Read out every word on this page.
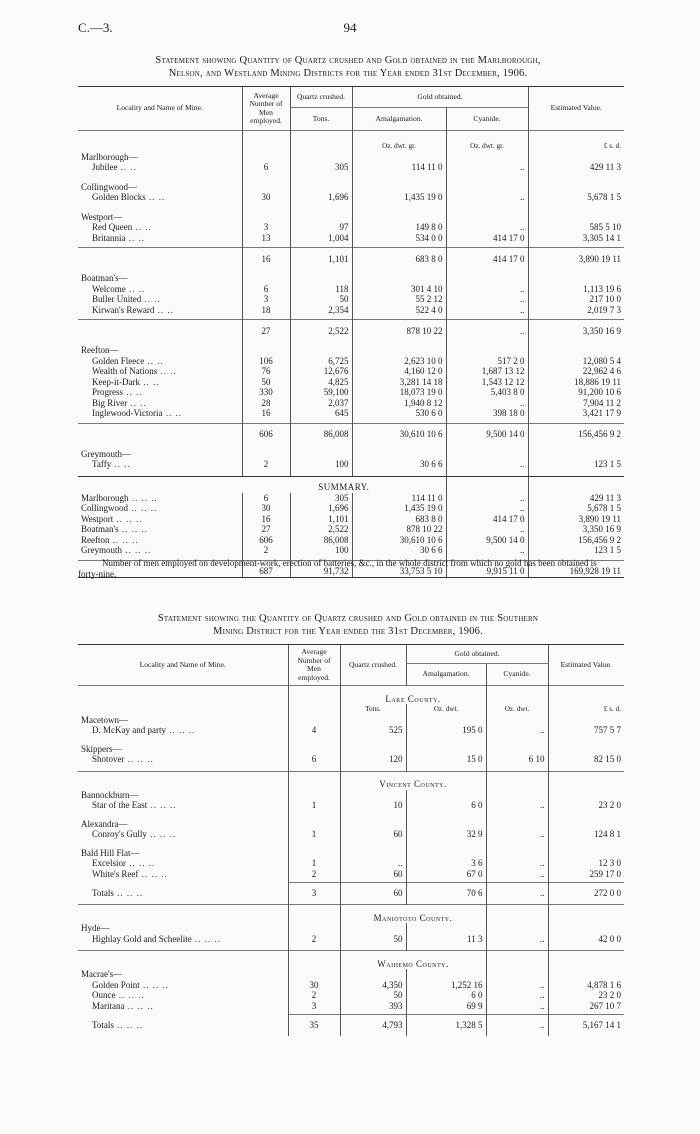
C.—3.	94
Statement showing Quantity of Quartz crushed and Gold obtained in the Marlborough,
Nelson, and Westland Mining Districts for the Year ended 31st December, 1906.
Locality and Name of Mine.	Average Number of Men employed.	Quartz crushed.	Gold obtained.		Estimated Value.
		Tons.	Amalgamation.	Cyanide.	

			Oz. dwt. gr.	Oz. dwt. gr.	£ s. d.
Marlborough—					
Jubilee .. ..	6	305	114 11 0	..	429 11 3

Collingwood—					
Golden Blocks .. ..	30	1,696	1,435 19 0	..	5,678 1 5

Westport—					
Red Queen .. ..	3	97	149 8 0	..	585 5 10
Britannia .. ..	13	1,004	534 0 0	414 17 0	3,305 14 1

	16	1,101	683 8 0	414 17 0	3,890 19 11

Boatman's—					
Welcome .. ..	6	118	301 4 10	..	1,113 19 6
Buller United .. ..	3	50	55 2 12	..	217 10 0
Kirwan's Reward .. ..	18	2,354	522 4 0	..	2,019 7 3

	27	2,522	878 10 22	..	3,350 16 9

Reefton—					
Golden Fleece .. ..	106	6,725	2,623 10 0	517 2 0	12,080 5 4
Wealth of Nations .. ..	76	12,676	4,160 12 0	1,687 13 12	22,962 4 6
Keep-it-Dark .. ..	50	4,825	3,281 14 18	1,543 12 12	18,886 19 11
Progress .. ..	330	59,100	18,073 19 0	5,403 8 0	91,200 10 6
Big River .. ..	28	2,037	1,940 8 12	..	7,904 11 2
Inglewood-Victoria .. ..	16	645	530 6 0	398 18 0	3,421 17 9

	606	86,008	30,610 10 6	9,500 14 0	156,456 9 2

Greymouth—					
Taffy .. ..	2	100	30 6 6	..	123 1 5

	SUMMARY.				
Marlborough .. .. ..	6	305	114 11 0	..	429 11 3
Collingwood .. .. ..	30	1,696	1,435 19 0	..	5,678 1 5
Westport .. .. ..	16	1,101	683 8 0	414 17 0	3,890 19 11
Boatman's .. .. ..	27	2,522	878 10 22	..	3,350 16 9
Reefton .. .. ..	606	86,008	30,610 10 6	9,500 14 0	156,456 9 2
Greymouth .. .. ..	2	100	30 6 6	..	123 1 5

	687	91,732	33,753 5 10	9,915 11 0	169,928 19 11
Number of men employed on development-work, erection of batteries, &c., in the whole district from which no gold has been obtained is forty-nine.
Statement showing the Quantity of Quartz crushed and Gold obtained in the Southern
Mining District for the Year ended the 31st December, 1906.
Locality and Name of Mine.	Average Number of Men employed.	Quartz crushed.	Gold obtained.		Estimated Value.
			Amalgamation.	Cyanide.	
		Lake County.			
		Tons.	Oz. dwt.	Oz. dwt.	£ s. d.
Macetown—					
D. McKay and party .. .. ..	4	525	195 0	..	757 5 7

Skippers—					
Shotover .. .. ..	6	120	15 0	6 10	82 15 0

		Vincent County.			
Bannockburn—					
Star of the East .. .. ..	1	10	6 0	..	23 2 0

Alexandra—					
Conroy's Gully .. .. ..	1	60	32 9	..	124 8 1

Bald Hill Flat—					
Excelsior .. .. ..	1	..	3 6	..	12 3 0
White's Reef .. .. ..	2	60	67 0	..	259 17 0

Totals .. .. ..	3	60	70 6	..	272 0 0

		Maniototo County.			
Hyde—					
Highlay Gold and Scheelite .. .. ..	2	50	11 3	..	42 0 0

		Waihemo County.			
Macrae's—					
Golden Point .. .. ..	30	4,350	1,252 16	..	4,878 1 6
Ounce .. .. ..	2	50	6 0	..	23 2 0
Maritana .. .. ..	3	393	69 9	..	267 10 7

Totals .. .. ..	35	4,793	1,328 5	..	5,167 14 1
